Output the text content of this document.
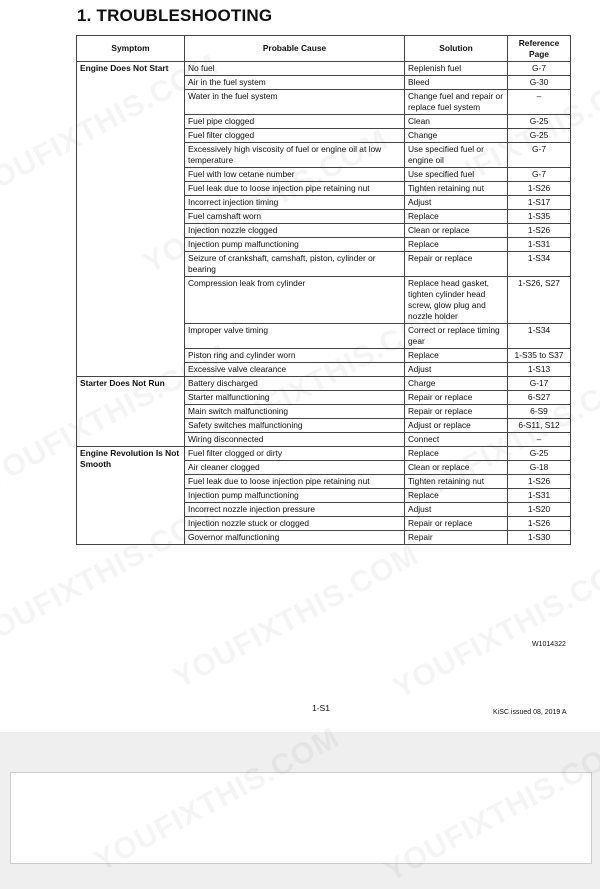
1. TROUBLESHOOTING
Symptom	Probable Cause	Solution	Reference Page
Engine Does Not Start	No fuel	Replenish fuel	G-7
	Air in the fuel system	Bleed	G-30
	Water in the fuel system	Change fuel and repair or replace fuel system	–
	Fuel pipe clogged	Clean	G-25
	Fuel filter clogged	Change	G-25
	Excessively high viscosity of fuel or engine oil at low temperature	Use specified fuel or engine oil	G-7
	Fuel with low cetane number	Use specified fuel	G-7
	Fuel leak due to loose injection pipe retaining nut	Tighten retaining nut	1-S26
	Incorrect injection timing	Adjust	1-S17
	Fuel camshaft worn	Replace	1-S35
	Injection nozzle clogged	Clean or replace	1-S26
	Injection pump malfunctioning	Replace	1-S31
	Seizure of crankshaft, camshaft, piston, cylinder or bearing	Repair or replace	1-S34
	Compression leak from cylinder	Replace head gasket, tighten cylinder head screw, glow plug and nozzle holder	1-S26, S27
	Improper valve timing	Correct or replace timing gear	1-S34
	Piston ring and cylinder worn	Replace	1-S35 to S37
	Excessive valve clearance	Adjust	1-S13
Starter Does Not Run	Battery discharged	Charge	G-17
	Starter malfunctioning	Repair or replace	6-S27
	Main switch malfunctioning	Repair or replace	6-S9
	Safety switches malfunctioning	Adjust or replace	6-S11, S12
	Wiring disconnected	Connect	–
Engine Revolution Is Not Smooth	Fuel filter clogged or dirty	Replace	G-25
	Air cleaner clogged	Clean or replace	G-18
	Fuel leak due to loose injection pipe retaining nut	Tighten retaining nut	1-S26
	Injection pump malfunctioning	Replace	1-S31
	Incorrect nozzle injection pressure	Adjust	1-S20
	Injection nozzle stuck or clogged	Repair or replace	1-S26
	Governor malfunctioning	Repair	1-S30
W1014322
1-S1	KiSC issued 08, 2019 A
